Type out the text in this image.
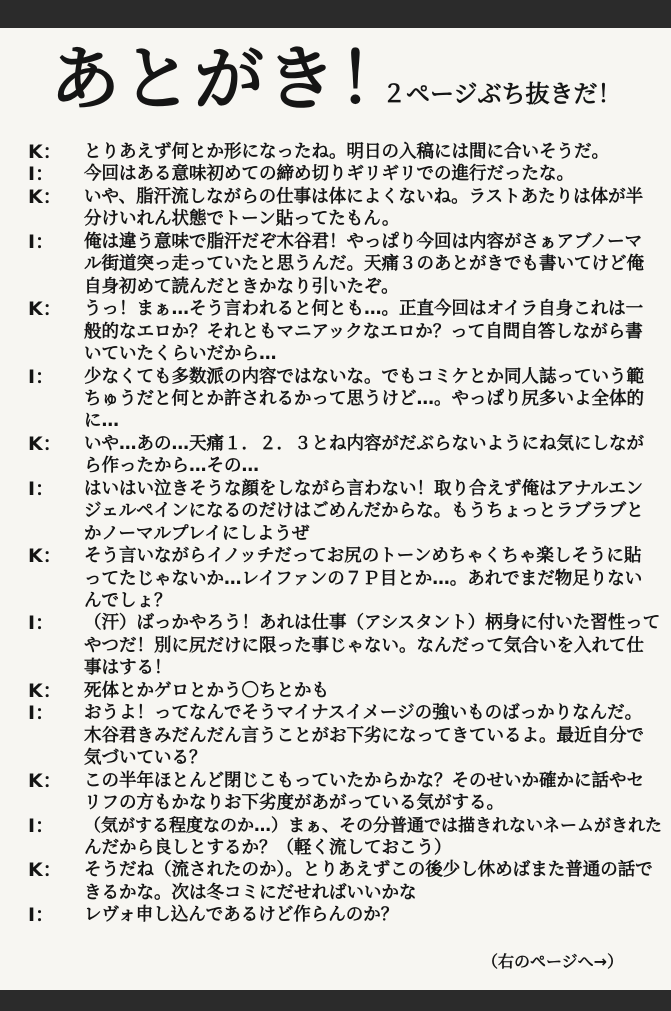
あとがき！
２ページぶち抜きだ！
K：	とりあえず何とか形になったね。明日の入稿には間に合いそうだ。
I：	今回はある意味初めての締め切りギリギリでの進行だったな。
K：	いや、脂汗流しながらの仕事は体によくないね。ラストあたりは体が半
分けいれん状態でトーン貼ってたもん。
I：	俺は違う意味で脂汗だぞ木谷君！やっぱり今回は内容がさぁアブノーマ
ル街道突っ走っていたと思うんだ。天痛３のあとがきでも書いてけど俺
自身初めて読んだときかなり引いたぞ。
K：	うっ！まぁ…そう言われると何とも…。正直今回はオイラ自身これは一
般的なエロか？それともマニアックなエロか？って自問自答しながら書
いていたくらいだから…
I：	少なくても多数派の内容ではないな。でもコミケとか同人誌っていう範
ちゅうだと何とか許されるかって思うけど…。やっぱり尻多いよ全体的
に…
K：	いや…あの…天痛１．２．３とね内容がだぶらないようにね気にしなが
ら作ったから…その…
I：	はいはい泣きそうな顔をしながら言わない！取り合えず俺はアナルエン
ジェルペインになるのだけはごめんだからな。もうちょっとラブラブと
かノーマルプレイにしようぜ
K：	そう言いながらイノッチだってお尻のトーンめちゃくちゃ楽しそうに貼
ってたじゃないか…レイファンの７Ｐ目とか…。あれでまだ物足りない
んでしょ？
I：	（汗）ばっかやろう！あれは仕事（アシスタント）柄身に付いた習性って
やつだ！別に尻だけに限った事じゃない。なんだって気合いを入れて仕
事はする！
K：	死体とかゲロとかう〇ちとかも
I：	おうよ！ってなんでそうマイナスイメージの強いものばっかりなんだ。
木谷君きみだんだん言うことがお下劣になってきているよ。最近自分で
気づいている？
K：	この半年ほとんど閉じこもっていたからかな？そのせいか確かに話やセ
リフの方もかなりお下劣度があがっている気がする。
I：	（気がする程度なのか…）まぁ、その分普通では描きれないネームがきれた
んだから良しとするか？（軽く流しておこう）
K：	そうだね（流されたのか）。とりあえずこの後少し休めばまた普通の話で
きるかな。次は冬コミにだせればいいかな
I：	レヴォ申し込んであるけど作らんのか？
（右のページへ→）
